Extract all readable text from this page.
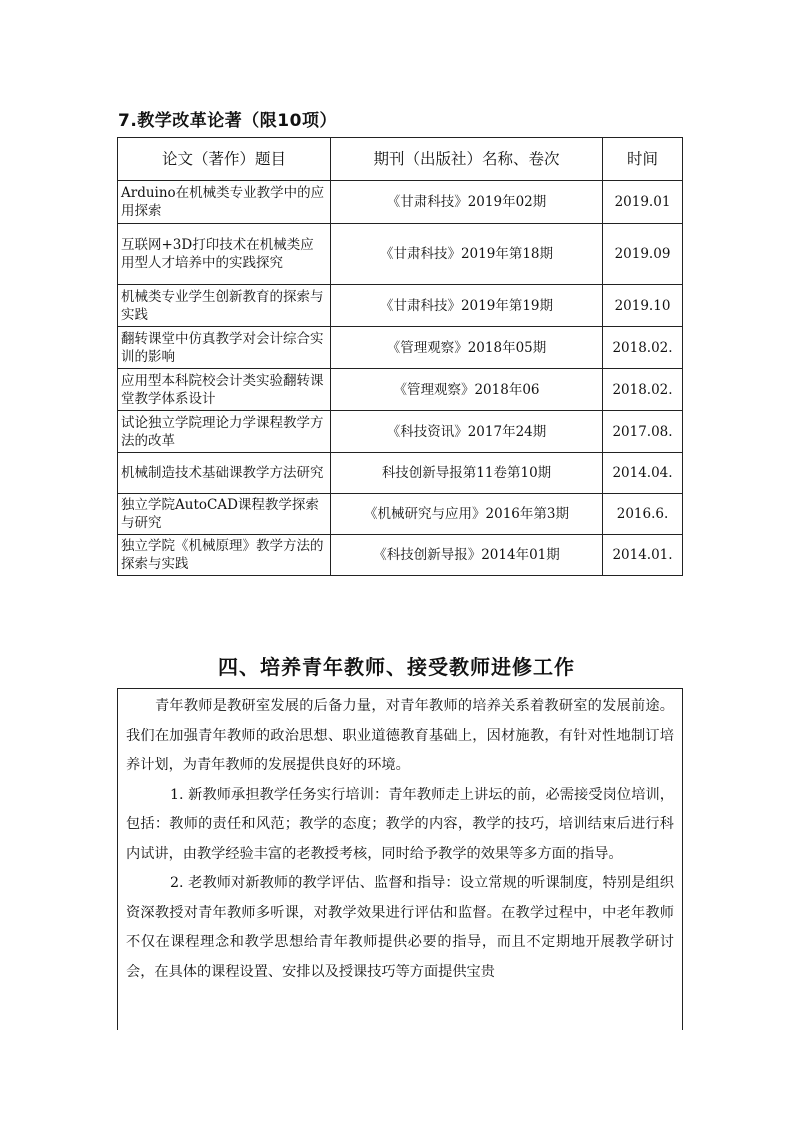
7.教学改革论著（限10项）
论文（著作）题目	期刊（出版社）名称、卷次	时间
Arduino在机械类专业教学中的应用探索	《甘肃科技》2019年02期	2019.01
互联网+3D打印技术在机械类应用型人才培养中的实践探究	《甘肃科技》2019年第18期	2019.09
机械类专业学生创新教育的探索与实践	《甘肃科技》2019年第19期	2019.10
翻转课堂中仿真教学对会计综合实训的影响	《管理观察》2018年05期	2018.02.
应用型本科院校会计类实验翻转课堂教学体系设计	《管理观察》2018年06	2018.02.
试论独立学院理论力学课程教学方法的改革	《科技资讯》2017年24期	2017.08.
机械制造技术基础课教学方法研究	科技创新导报第11卷第10期	2014.04.
独立学院AutoCAD课程教学探索与研究	《机械研究与应用》2016年第3期	2016.6.
独立学院《机械原理》教学方法的探索与实践	《科技创新导报》2014年01期	2014.01.
四、培养青年教师、接受教师进修工作

青年教师是教研室发展的后备力量，对青年教师的培养关系着教研室的发展前途。我们在加强青年教师的政治思想、职业道德教育基础上，因材施教，有针对性地制订培养计划，为青年教师的发展提供良好的环境。

1. 新教师承担教学任务实行培训：青年教师走上讲坛的前，必需接受岗位培训，包括：教师的责任和风范；教学的态度；教学的内容，教学的技巧，培训结束后进行科内试讲，由教学经验丰富的老教授考核，同时给予教学的效果等多方面的指导。

2. 老教师对新教师的教学评估、监督和指导：设立常规的听课制度，特别是组织资深教授对青年教师多听课，对教学效果进行评估和监督。在教学过程中，中老年教师不仅在课程理念和教学思想给青年教师提供必要的指导，而且不定期地开展教学研讨会，在具体的课程设置、安排以及授课技巧等方面提供宝贵
